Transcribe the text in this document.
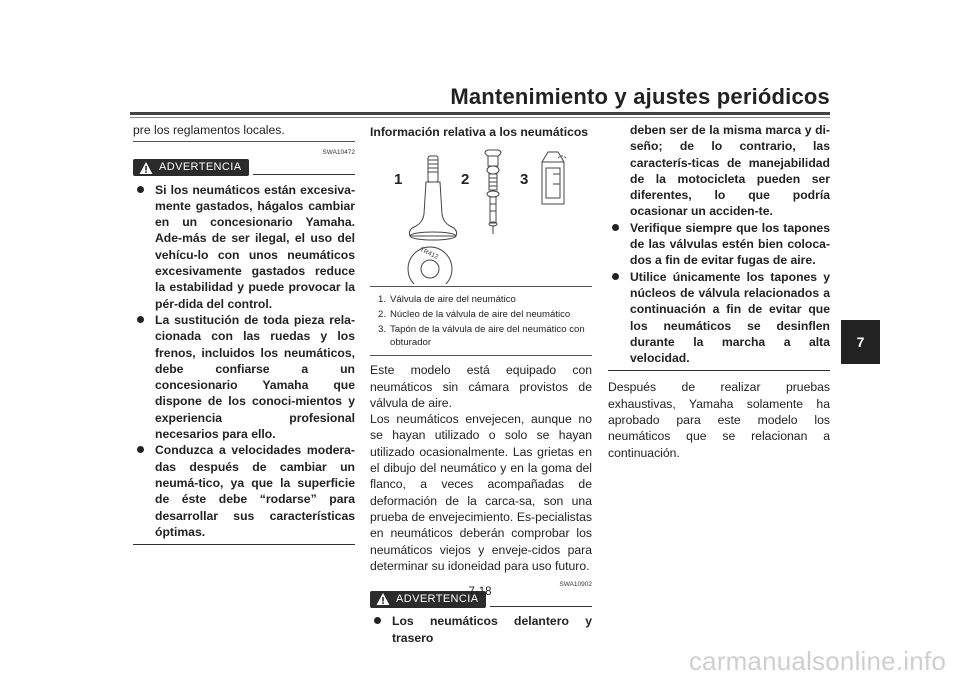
Mantenimiento y ajustes periódicos
7

pre los reglamentos locales.

SWA10472
ADVERTENCIA
Si los neumáticos están excesiva-mente gastados, hágalos cambiar en un concesionario Yamaha. Ade-más de ser ilegal, el uso del vehícu-lo con unos neumáticos excesivamente gastados reduce la estabilidad y puede provocar la pér-dida del control.
La sustitución de toda pieza rela-cionada con las ruedas y los frenos, incluidos los neumáticos, debe confiarse a un concesionario Yamaha que dispone de los conoci-mientos y experiencia profesional necesarios para ello.
Conduzca a velocidades modera-das después de cambiar un neumá-tico, ya que la superficie de éste debe “rodarse” para desarrollar sus características óptimas.

Información relativa a los neumáticos

1	2	3
TR412
1. Válvula de aire del neumático
2. Núcleo de la válvula de aire del neumático
3. Tapón de la válvula de aire del neumático con obturador

Este modelo está equipado con neumáticos sin cámara provistos de válvula de aire.

Los neumáticos envejecen, aunque no se hayan utilizado o solo se hayan utilizado ocasionalmente. Las grietas en el dibujo del neumático y en la goma del flanco, a veces acompañadas de deformación de la carca-sa, son una prueba de envejecimiento. Es-pecialistas en neumáticos deberán comprobar los neumáticos viejos y enveje-cidos para determinar su idoneidad para uso futuro.

SWA10902
ADVERTENCIA
Los neumáticos delantero y trasero
deben ser de la misma marca y di-seño; de lo contrario, las caracterís-ticas de manejabilidad de la motocicleta pueden ser diferentes, lo que podría ocasionar un acciden-te.
Verifique siempre que los tapones de las válvulas estén bien coloca-dos a fin de evitar fugas de aire.
Utilice únicamente los tapones y núcleos de válvula relacionados a continuación a fin de evitar que los neumáticos se desinflen durante la marcha a alta velocidad.

Después de realizar pruebas exhaustivas, Yamaha solamente ha aprobado para este modelo los neumáticos que se relacionan a continuación.

7-18
carmanualsonline.info
